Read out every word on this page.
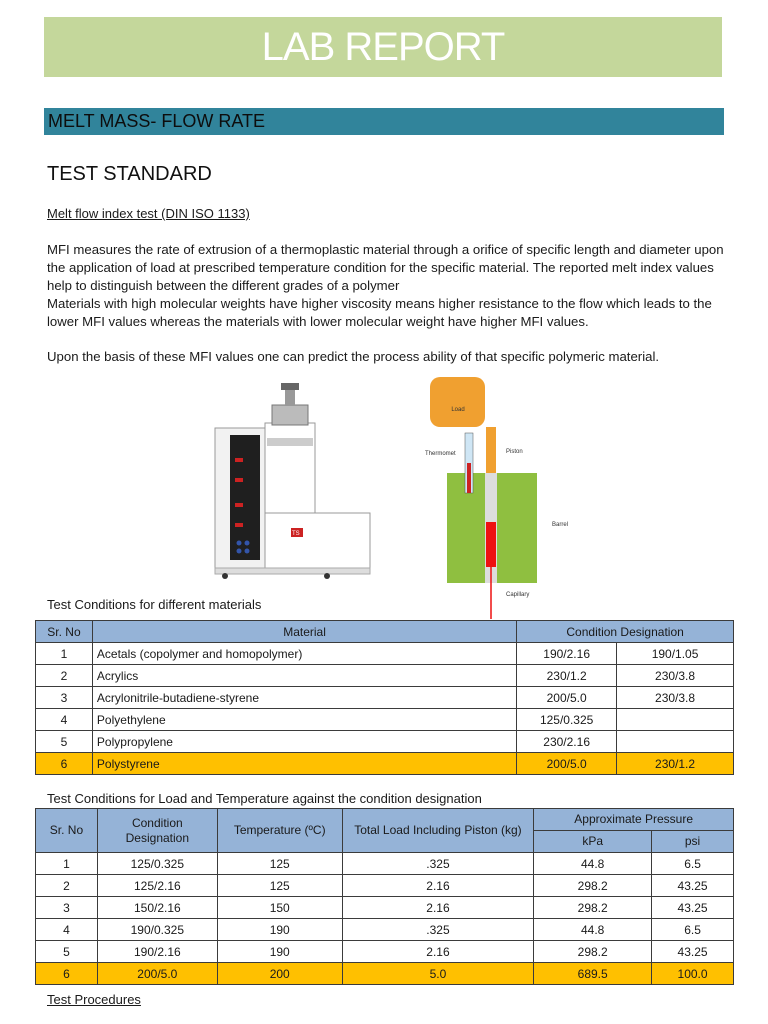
LAB REPORT
MELT MASS- FLOW RATE
TEST STANDARD
Melt flow index test (DIN ISO 1133)
MFI measures the rate of extrusion of a thermoplastic material through a orifice of specific length and diameter upon the application of load at prescribed temperature condition for the specific material. The reported melt index values help to distinguish between the different grades of a polymer
Materials with high molecular weights have higher viscosity means higher resistance to the flow which leads to the lower MFI values whereas the materials with lower molecular weight have higher MFI values.
Upon the basis of these MFI values one can predict the process ability of that specific polymeric material.
TS
Load
Thermomet	Piston
Barrel
Capillary
Test Conditions for different materials
Sr. No	Material	Condition Designation	
1	Acetals (copolymer and homopolymer)	190/2.16	190/1.05
2	Acrylics	230/1.2	230/3.8
3	Acrylonitrile-butadiene-styrene	200/5.0	230/3.8
4	Polyethylene	125/0.325	
5	Polypropylene	230/2.16	
6	Polystyrene	200/5.0	230/1.2
Test Conditions for Load and Temperature against the condition designation
Sr. No	Condition Designation	Temperature (ºC)	Total Load Including Piston (kg)	Approximate Pressure	
				kPa	psi
1	125/0.325	125	.325	44.8	6.5
2	125/2.16	125	2.16	298.2	43.25
3	150/2.16	150	2.16	298.2	43.25
4	190/0.325	190	.325	44.8	6.5
5	190/2.16	190	2.16	298.2	43.25
6	200/5.0	200	5.0	689.5	100.0
Test Procedures
